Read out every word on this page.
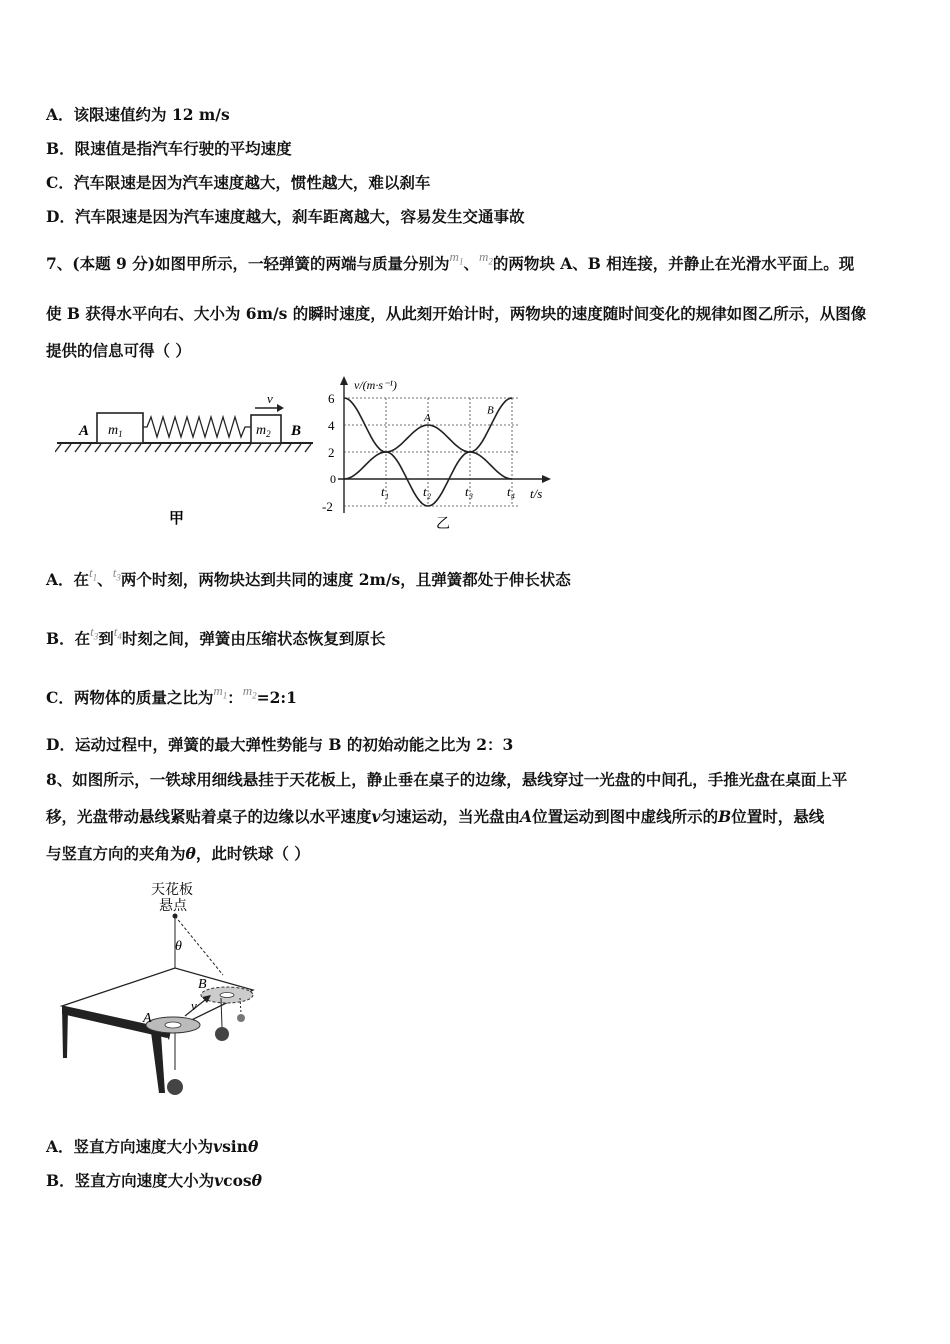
A．该限速值约为 12 m/s
B．限速值是指汽车行驶的平均速度
C．汽车限速是因为汽车速度越大，惯性越大，难以刹车
D．汽车限速是因为汽车速度越大，刹车距离越大，容易发生交通事故
7、(本题 9 分)如图甲所示，一轻弹簧的两端与质量分别为$^{m_1}$、$^{m_2}$的两物块 A、B 相连接，并静止在光滑水平面上。现
使 B 获得水平向右、大小为 6m/s 的瞬时速度，从此刻开始计时，两物块的速度随时间变化的规律如图乙所示，从图像
提供的信息可得（ ）
$m_1$
A	$m_2$ B
v
甲
v/(m·s⁻¹)
t/s
0
6
4
2
-2
t₁	t₂	t₃	t₄
A
B
乙
A．在$^{t_1}$、$^{t_3}$两个时刻，两物块达到共同的速度 2m/s，且弹簧都处于伸长状态
B．在$^{t_3}$到$^{t_4}$时刻之间，弹簧由压缩状态恢复到原长
C．两物体的质量之比为$^{m_1}$：$^{m_2}$=2:1
D．运动过程中，弹簧的最大弹性势能与 B 的初始动能之比为 2：3
8、如图所示，一铁球用细线悬挂于天花板上，静止垂在桌子的边缘，悬线穿过一光盘的中间孔，手推光盘在桌面上平
移，光盘带动悬线紧贴着桌子的边缘以水平速度v匀速运动，当光盘由A位置运动到图中虚线所示的B位置时，悬线
与竖直方向的夹角为θ，此时铁球（ ）
天花板
悬点
θ
A
B
v
A．竖直方向速度大小为vsinθ
B．竖直方向速度大小为vcosθ
